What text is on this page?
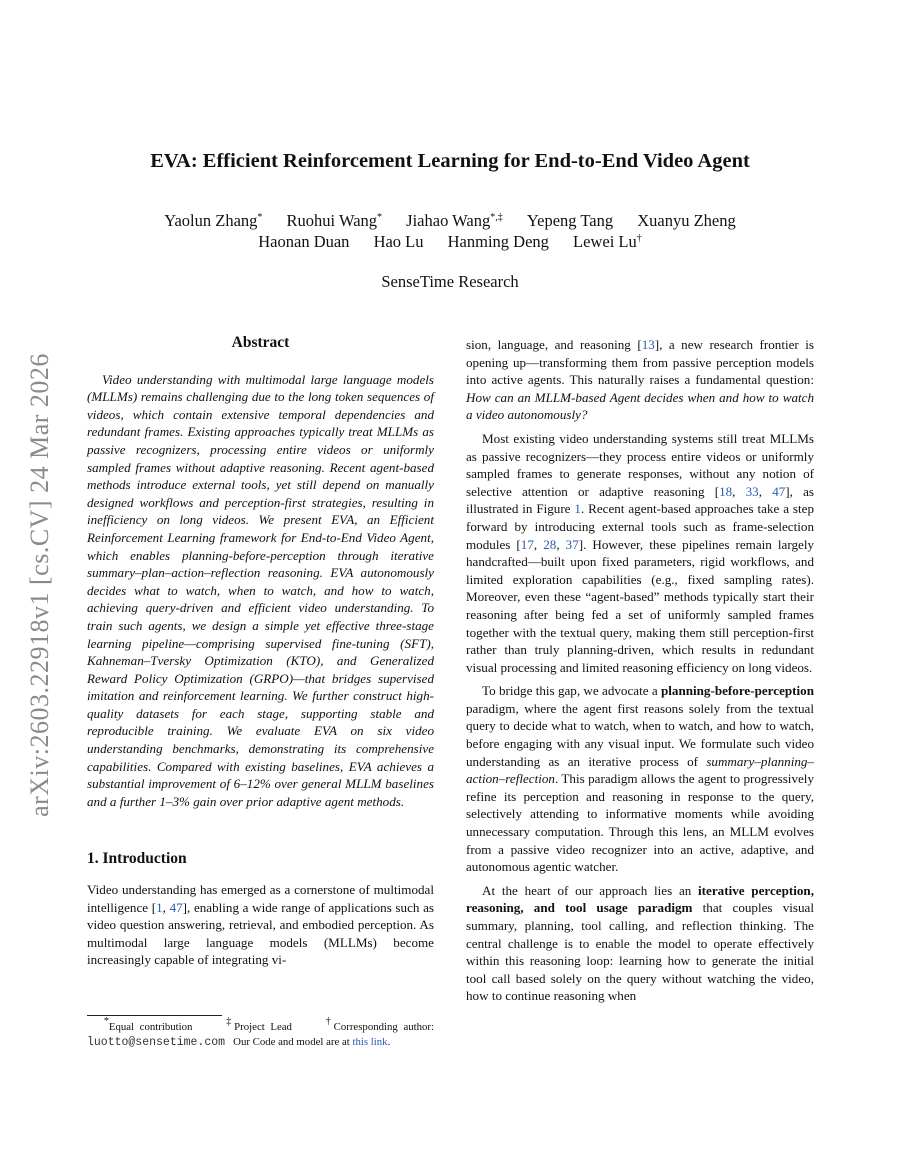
arXiv:2603.22918v1 [cs.CV] 24 Mar 2026
EVA: Efficient Reinforcement Learning for End-to-End Video Agent
Yaolun Zhang* Ruohui Wang* Jiahao Wang*,‡ Yepeng Tang Xuanyu Zheng
Haonan Duan Hao Lu Hanming Deng Lewei Lu†
SenseTime Research

Abstract

Video understanding with multimodal large language models (MLLMs) remains challenging due to the long token sequences of videos, which contain extensive temporal dependencies and redundant frames. Existing approaches typically treat MLLMs as passive recognizers, processing entire videos or uniformly sampled frames without adaptive reasoning. Recent agent-based methods introduce external tools, yet still depend on manually designed workflows and perception-first strategies, resulting in inefficiency on long videos. We present EVA, an Efficient Reinforcement Learning framework for End-to-End Video Agent, which enables planning-before-perception through iterative summary–plan–action–reflection reasoning. EVA autonomously decides what to watch, when to watch, and how to watch, achieving query-driven and efficient video understanding. To train such agents, we design a simple yet effective three-stage learning pipeline—comprising supervised fine-tuning (SFT), Kahneman–Tversky Optimization (KTO), and Generalized Reward Policy Optimization (GRPO)—that bridges supervised imitation and reinforcement learning. We further construct high-quality datasets for each stage, supporting stable and reproducible training. We evaluate EVA on six video understanding benchmarks, demonstrating its comprehensive capabilities. Compared with existing baselines, EVA achieves a substantial improvement of 6–12% over general MLLM baselines and a further 1–3% gain over prior adaptive agent methods.

1. Introduction

Video understanding has emerged as a cornerstone of multimodal intelligence [1, 47], enabling a wide range of applications such as video question answering, retrieval, and embodied perception. As multimodal large language models (MLLMs) become increasingly capable of integrating vi-

sion, language, and reasoning [13], a new research frontier is opening up—transforming them from passive perception models into active agents. This naturally raises a fundamental question: How can an MLLM-based Agent decides when and how to watch a video autonomously?

Most existing video understanding systems still treat MLLMs as passive recognizers—they process entire videos or uniformly sampled frames to generate responses, without any notion of selective attention or adaptive reasoning [18, 33, 47], as illustrated in Figure 1. Recent agent-based approaches take a step forward by introducing external tools such as frame-selection modules [17, 28, 37]. However, these pipelines remain largely handcrafted—built upon fixed parameters, rigid workflows, and limited exploration capabilities (e.g., fixed sampling rates). Moreover, even these “agent-based” methods typically start their reasoning after being fed a set of uniformly sampled frames together with the textual query, making them still perception-first rather than truly planning-driven, which results in redundant visual processing and limited reasoning efficiency on long videos.

To bridge this gap, we advocate a planning-before-perception paradigm, where the agent first reasons solely from the textual query to decide what to watch, when to watch, and how to watch, before engaging with any visual input. We formulate such video understanding as an iterative process of summary–planning–action–reflection. This paradigm allows the agent to progressively refine its perception and reasoning in response to the query, selectively attending to informative moments while avoiding unnecessary computation. Through this lens, an MLLM evolves from a passive video recognizer into an active, adaptive, and autonomous agentic watcher.

At the heart of our approach lies an iterative perception, reasoning, and tool usage paradigm that couples visual summary, planning, tool calling, and reflection thinking. The central challenge is to enable the model to operate effectively within this reasoning loop: learning how to generate the initial tool call based solely on the query without watching the video, how to continue reasoning when

*Equal contribution	‡Project Lead	†Corresponding author: luotto@sensetime.com Our Code and model are at this link.
